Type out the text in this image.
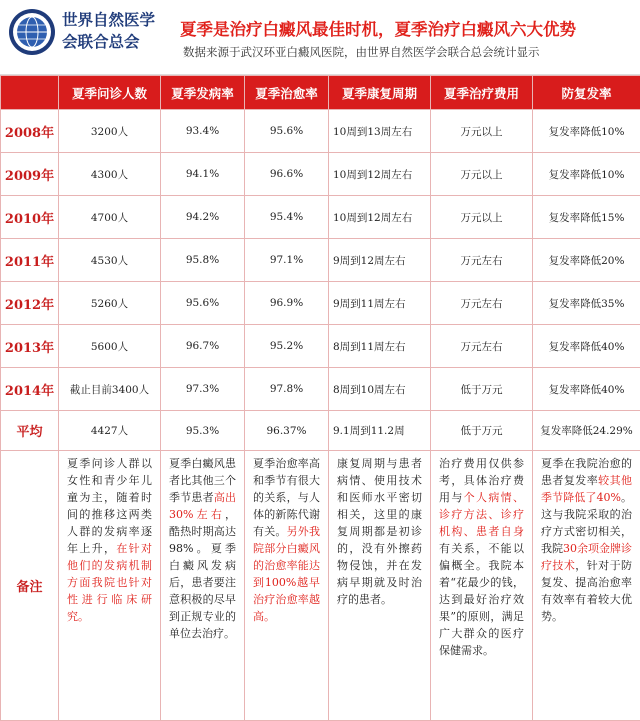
世界自然医学
会联合总会
夏季是治疗白癜风最佳时机，夏季治疗白癜风六大优势
数据来源于武汉环亚白癜风医院，由世界自然医学会联合总会统计显示
	夏季问诊人数	夏季发病率	夏季治愈率	夏季康复周期	夏季治疗费用	防复发率
2008年	3200人	93.4%	95.6%	10周到13周左右	万元以上	复发率降低10%
2009年	4300人	94.1%	96.6%	10周到12周左右	万元以上	复发率降低10%
2010年	4700人	94.2%	95.4%	10周到12周左右	万元以上	复发率降低15%
2011年	4530人	95.8%	97.1%	9周到12周左右	万元左右	复发率降低20%
2012年	5260人	95.6%	96.9%	9周到11周左右	万元左右	复发率降低35%
2013年	5600人	96.7%	95.2%	8周到11周左右	万元左右	复发率降低40%
2014年	截止目前3400人	97.3%	97.8%	8周到10周左右	低于万元	复发率降低40%
平均	4427人	95.3%	96.37%	9.1周到11.2周	低于万元	复发率降低24.29%
备注	夏季问诊人群以女性和青少年儿童为主，随着时间的推移这两类人群的发病率逐年上升，在针对他们的发病机制方面我院也针对性进行临床研究。	夏季白癜风患者比其他三个季节患者高出30%左右，酷热时期高达98%。夏季白癜风发病后，患者要注意积极的尽早到正规专业的单位去治疗。	夏季治愈率高和季节有很大的关系，与人体的新陈代谢有关。另外我院部分白癜风的治愈率能达到100%越早治疗治愈率越高。	康复周期与患者病情、使用技术和医师水平密切相关，这里的康复周期都是初诊的，没有外擦药物侵蚀，并在发病早期就及时治疗的患者。	治疗费用仅供参考，具体治疗费用与个人病情、诊疗方法、诊疗机构、患者自身有关系，不能以偏概全。我院本着“花最少的钱，达到最好治疗效果”的原则，满足广大群众的医疗保健需求。	夏季在我院治愈的患者复发率较其他季节降低了40%。这与我院采取的治疗方式密切相关，我院30余项金牌诊疗技术，针对于防复发、提高治愈率有效率有着较大优势。
